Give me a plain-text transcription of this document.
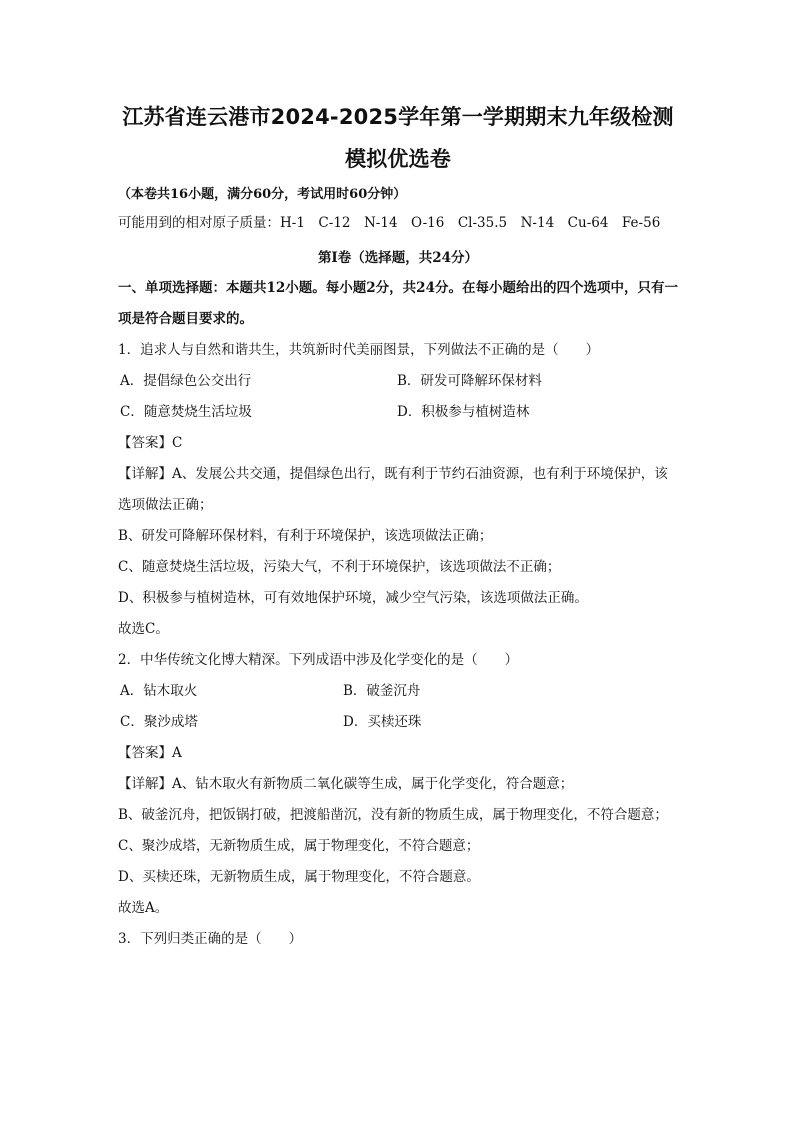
江苏省连云港市2024-2025学年第一学期期末九年级检测
模拟优选卷
（本卷共16小题，满分60分，考试用时60分钟）
可能用到的相对原子质量：H-1　C-12　N-14　O-16　Cl-35.5　N-14　Cu-64　Fe-56
第Ⅰ卷（选择题，共24分）
一、单项选择题：本题共12小题。每小题2分，共24分。在每小题给出的四个选项中，只有一项是符合题目要求的。
1．追求人与自然和谐共生，共筑新时代美丽图景，下列做法不正确的是（　　）
A．提倡绿色公交出行	B．研发可降解环保材料
C．随意焚烧生活垃圾	D．积极参与植树造林
【答案】C
【详解】A、发展公共交通，提倡绿色出行，既有利于节约石油资源，也有利于环境保护，该选项做法正确；
B、研发可降解环保材料，有利于环境保护，该选项做法正确；
C、随意焚烧生活垃圾，污染大气，不利于环境保护，该选项做法不正确；
D、积极参与植树造林，可有效地保护环境，减少空气污染，该选项做法正确。
故选C。
2．中华传统文化博大精深。下列成语中涉及化学变化的是（　　）
A．钻木取火	B．破釜沉舟
C．聚沙成塔	D．买椟还珠
【答案】A
【详解】A、钻木取火有新物质二氧化碳等生成，属于化学变化，符合题意；
B、破釜沉舟，把饭锅打破，把渡船凿沉，没有新的物质生成，属于物理变化，不符合题意；
C、聚沙成塔，无新物质生成，属于物理变化，不符合题意；
D、买椟还珠，无新物质生成，属于物理变化，不符合题意。
故选A。
3．下列归类正确的是（　　）
